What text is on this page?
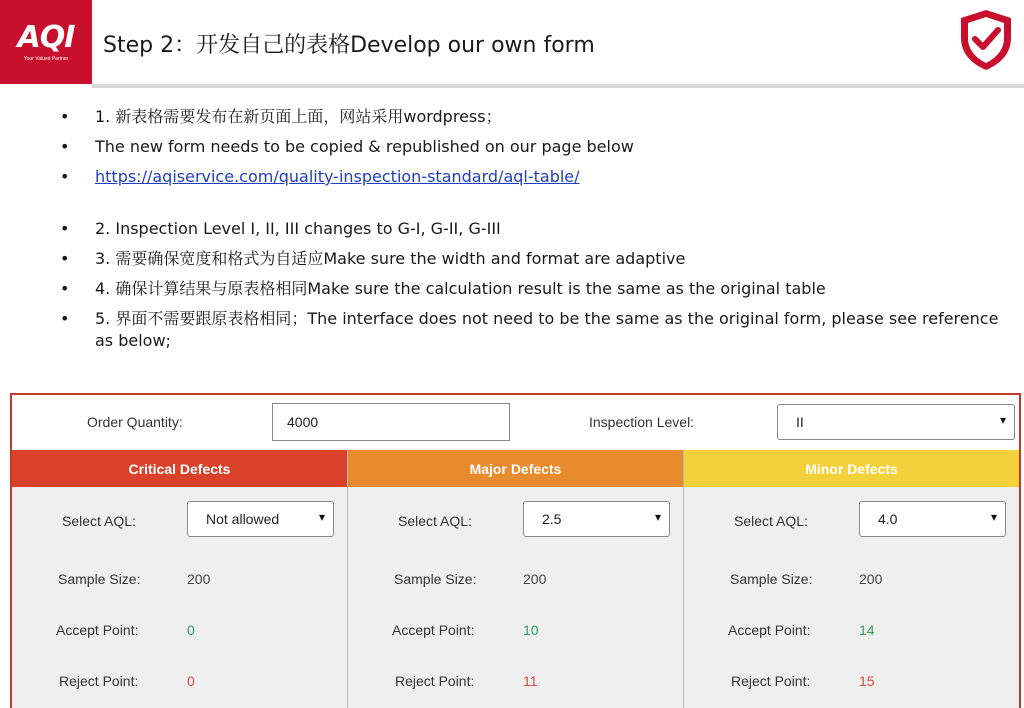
AQI
Your Valued Partner
Step 2：开发自己的表格Develop our own form
•	1. 新表格需要发布在新页面上面，网站采用wordpress；
•	The new form needs to be copied & republished on our page below
•	https://aqiservice.com/quality-inspection-standard/aql-table/
•	2. Inspection Level I, II, III changes to G-I, G-II, G-III
•	3. 需要确保宽度和格式为自适应Make sure the width and format are adaptive
•	4. 确保计算结果与原表格相同Make sure the calculation result is the same as the original table
•	5. 界面不需要跟原表格相同；The interface does not need to be the same as the original form, please see reference as below;
Order Quantity:	4000	Inspection Level:	II	▾
Critical Defects
Select AQL:	Not allowed	▾
Sample Size:	200
Accept Point:	0
Reject Point:	0
Major Defects
Select AQL:	2.5	▾
Sample Size:	200
Accept Point:	10
Reject Point:	11
Minor Defects
Select AQL:	4.0	▾
Sample Size:	200
Accept Point:	14
Reject Point:	15
